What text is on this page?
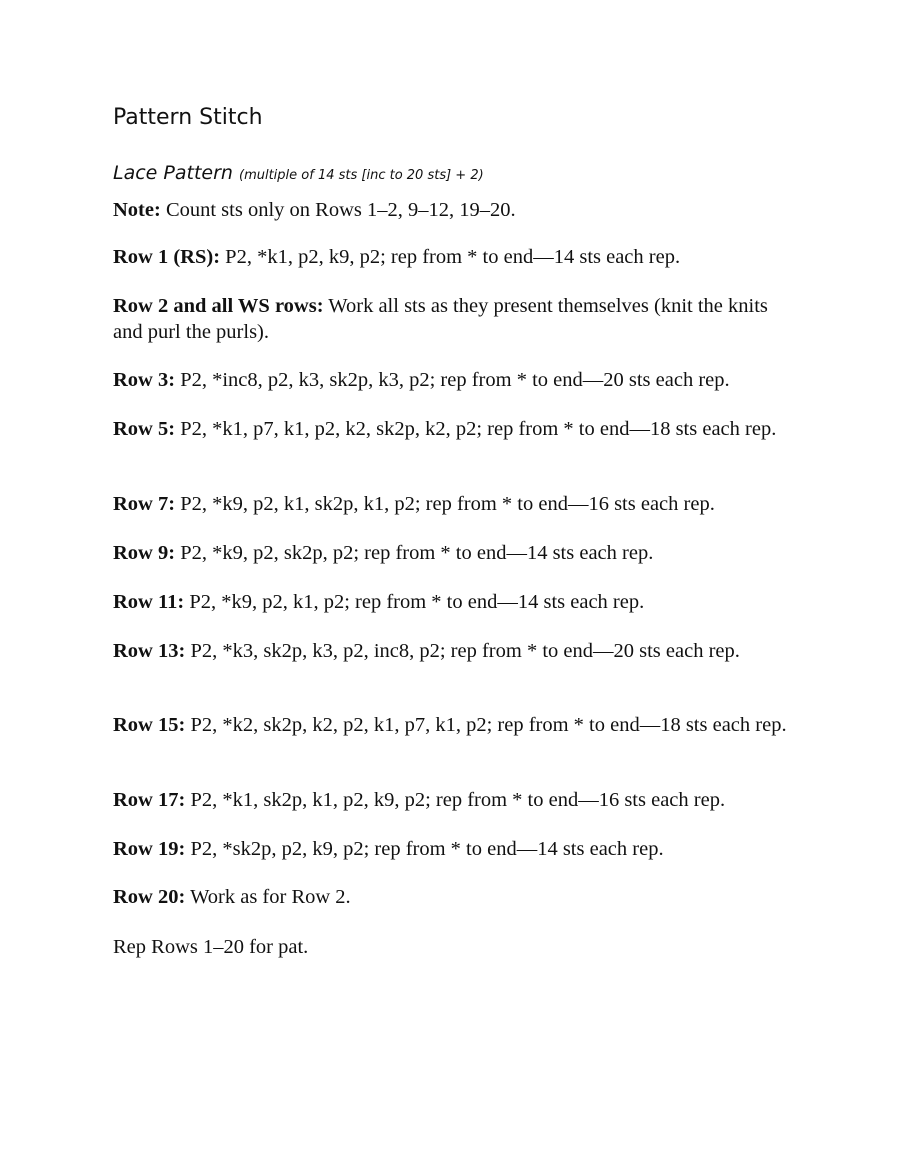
Pattern Stitch
Lace Pattern (multiple of 14 sts [inc to 20 sts] + 2)

Note: Count sts only on Rows 1–2, 9–12, 19–20.

Row 1 (RS): P2, *k1, p2, k9, p2; rep from * to end—14 sts each rep.

Row 2 and all WS rows: Work all sts as they present themselves (knit the knits and purl the purls).

Row 3: P2, *inc8, p2, k3, sk2p, k3, p2; rep from * to end—20 sts each rep.

Row 5: P2, *k1, p7, k1, p2, k2, sk2p, k2, p2; rep from * to end—18 sts each rep.

Row 7: P2, *k9, p2, k1, sk2p, k1, p2; rep from * to end—16 sts each rep.

Row 9: P2, *k9, p2, sk2p, p2; rep from * to end—14 sts each rep.

Row 11: P2, *k9, p2, k1, p2; rep from * to end—14 sts each rep.

Row 13: P2, *k3, sk2p, k3, p2, inc8, p2; rep from * to end—20 sts each rep.

Row 15: P2, *k2, sk2p, k2, p2, k1, p7, k1, p2; rep from * to end—18 sts each rep.

Row 17: P2, *k1, sk2p, k1, p2, k9, p2; rep from * to end—16 sts each rep.

Row 19: P2, *sk2p, p2, k9, p2; rep from * to end—14 sts each rep.

Row 20: Work as for Row 2.

Rep Rows 1–20 for pat.
